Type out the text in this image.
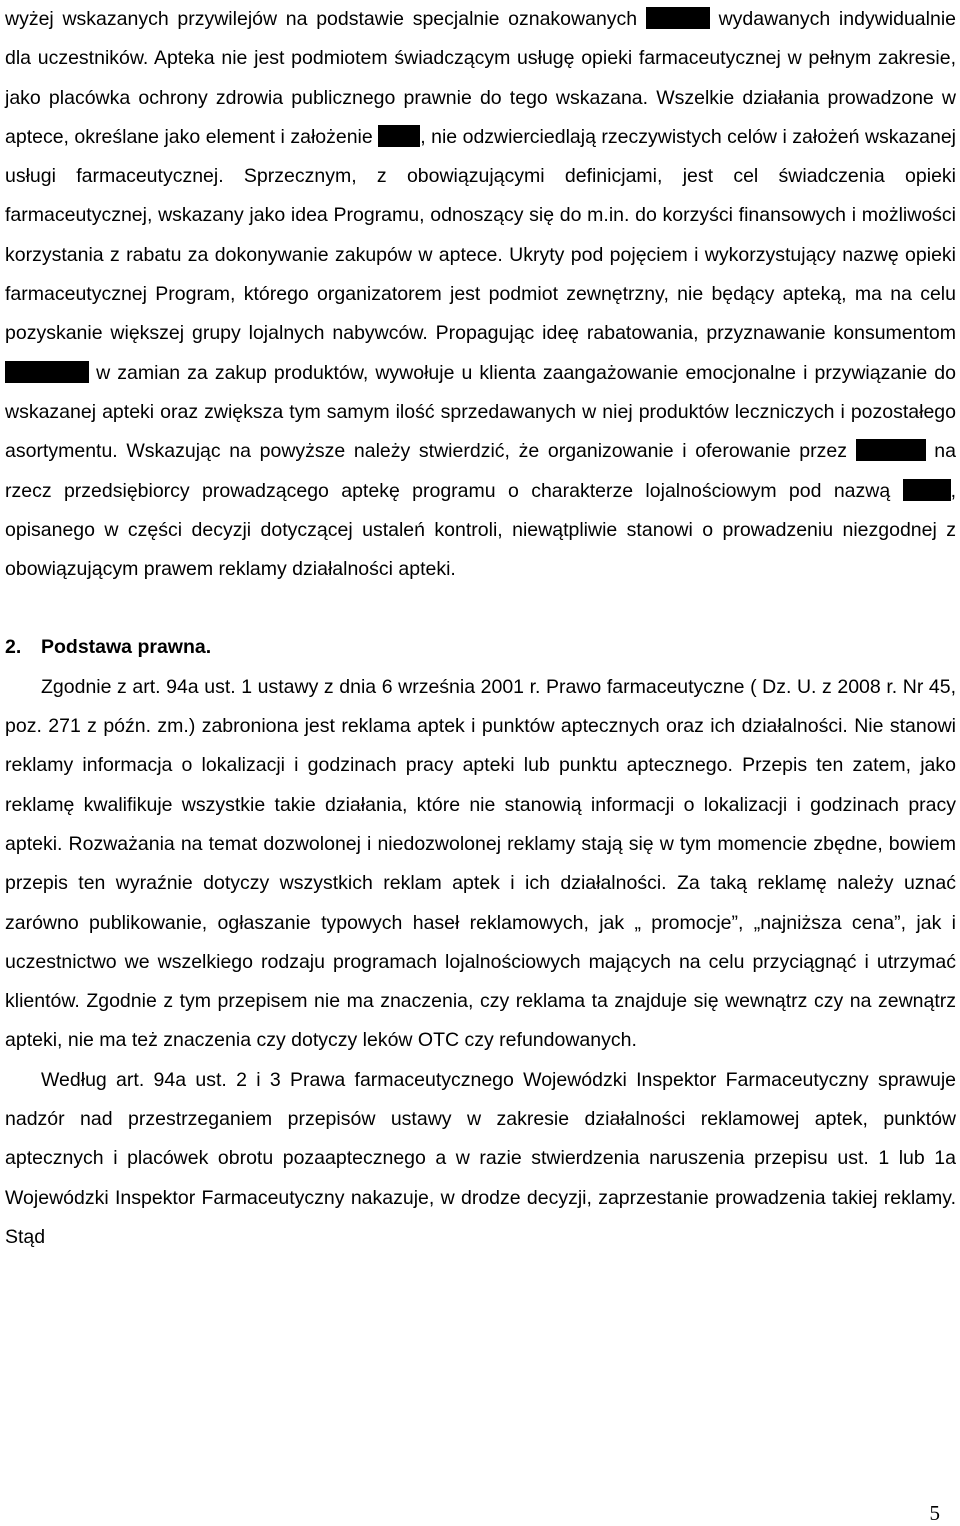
wyżej wskazanych przywilejów na podstawie specjalnie oznakowanych	wydawanych indywidualnie dla uczestników. Apteka nie jest podmiotem świadczącym usługę opieki farmaceutycznej w pełnym zakresie, jako placówka ochrony zdrowia publicznego prawnie do tego wskazana. Wszelkie działania prowadzone w aptece, określane jako element i założenie , nie odzwierciedlają rzeczywistych celów i założeń wskazanej usługi farmaceutycznej. Sprzecznym, z obowiązującymi definicjami, jest cel świadczenia opieki farmaceutycznej, wskazany jako idea Programu, odnoszący się do m.in. do korzyści finansowych i możliwości korzystania z rabatu za dokonywanie zakupów w aptece. Ukryty pod pojęciem i wykorzystujący nazwę opieki farmaceutycznej Program, którego organizatorem jest podmiot zewnętrzny, nie będący apteką, ma na celu pozyskanie większej grupy lojalnych nabywców. Propagując ideę rabatowania, przyznawanie konsumentom  w zamian za zakup produktów, wywołuje u klienta zaangażowanie emocjonalne i przywiązanie do wskazanej apteki oraz zwiększa tym samym ilość sprzedawanych w niej produktów leczniczych i pozostałego asortymentu. Wskazując na powyższe należy stwierdzić, że organizowanie i oferowanie przez	na rzecz przedsiębiorcy prowadzącego aptekę programu o charakterze lojalnościowym pod nazwą	, opisanego w części decyzji dotyczącej ustaleń kontroli, niewątpliwie stanowi o prowadzeniu niezgodnej z obowiązującym prawem reklamy działalności apteki.

2. Podstawa prawna.

Zgodnie z art. 94a ust. 1 ustawy z dnia 6 września 2001 r. Prawo farmaceutyczne ( Dz. U. z 2008 r. Nr 45, poz. 271 z późn. zm.) zabroniona jest reklama aptek i punktów aptecznych oraz ich działalności. Nie stanowi reklamy informacja o lokalizacji i godzinach pracy apteki lub punktu aptecznego. Przepis ten zatem, jako reklamę kwalifikuje wszystkie takie działania, które nie stanowią informacji o lokalizacji i godzinach pracy apteki. Rozważania na temat dozwolonej i niedozwolonej reklamy stają się w tym momencie zbędne, bowiem przepis ten wyraźnie dotyczy wszystkich reklam aptek i ich działalności. Za taką reklamę należy uznać zarówno publikowanie, ogłaszanie typowych haseł reklamowych, jak „ promocje”, „najniższa cena”, jak i uczestnictwo we wszelkiego rodzaju programach lojalnościowych mających na celu przyciągnąć i utrzymać klientów. Zgodnie z tym przepisem nie ma znaczenia, czy reklama ta znajduje się wewnątrz czy na zewnątrz apteki, nie ma też znaczenia czy dotyczy leków OTC czy refundowanych.

Według art. 94a ust. 2 i 3 Prawa farmaceutycznego Wojewódzki Inspektor Farmaceutyczny sprawuje nadzór nad przestrzeganiem przepisów ustawy w zakresie działalności reklamowej aptek, punktów aptecznych i placówek obrotu pozaaptecznego a w razie stwierdzenia naruszenia przepisu ust. 1 lub 1a Wojewódzki Inspektor Farmaceutyczny nakazuje, w drodze decyzji, zaprzestanie prowadzenia takiej reklamy. Stąd

5
